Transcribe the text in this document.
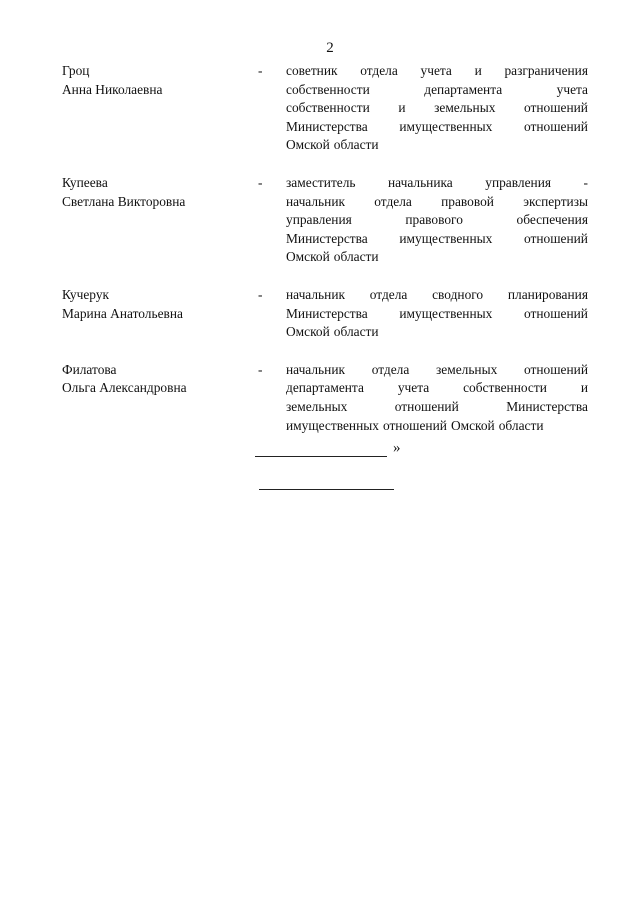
2
Гроц
Анна Николаевна
-	советник отдела учета и разграничения
собственности	департамента	учета
собственности и земельных отношений
Министерства имущественных отношений
Омской области
Купеева
Светлана Викторовна
-	заместитель начальника управления -
начальник отдела правовой экспертизы
управления	правового	обеспечения
Министерства имущественных отношений
Омской области
Кучерук
Марина Анатольевна
-	начальник отдела сводного планирования
Министерства имущественных отношений
Омской области
Филатова
Ольга Александровна
-	начальник отдела земельных отношений
департамента	учета	собственности	и
земельных	отношений	Министерства
имущественных отношений Омской области
»
